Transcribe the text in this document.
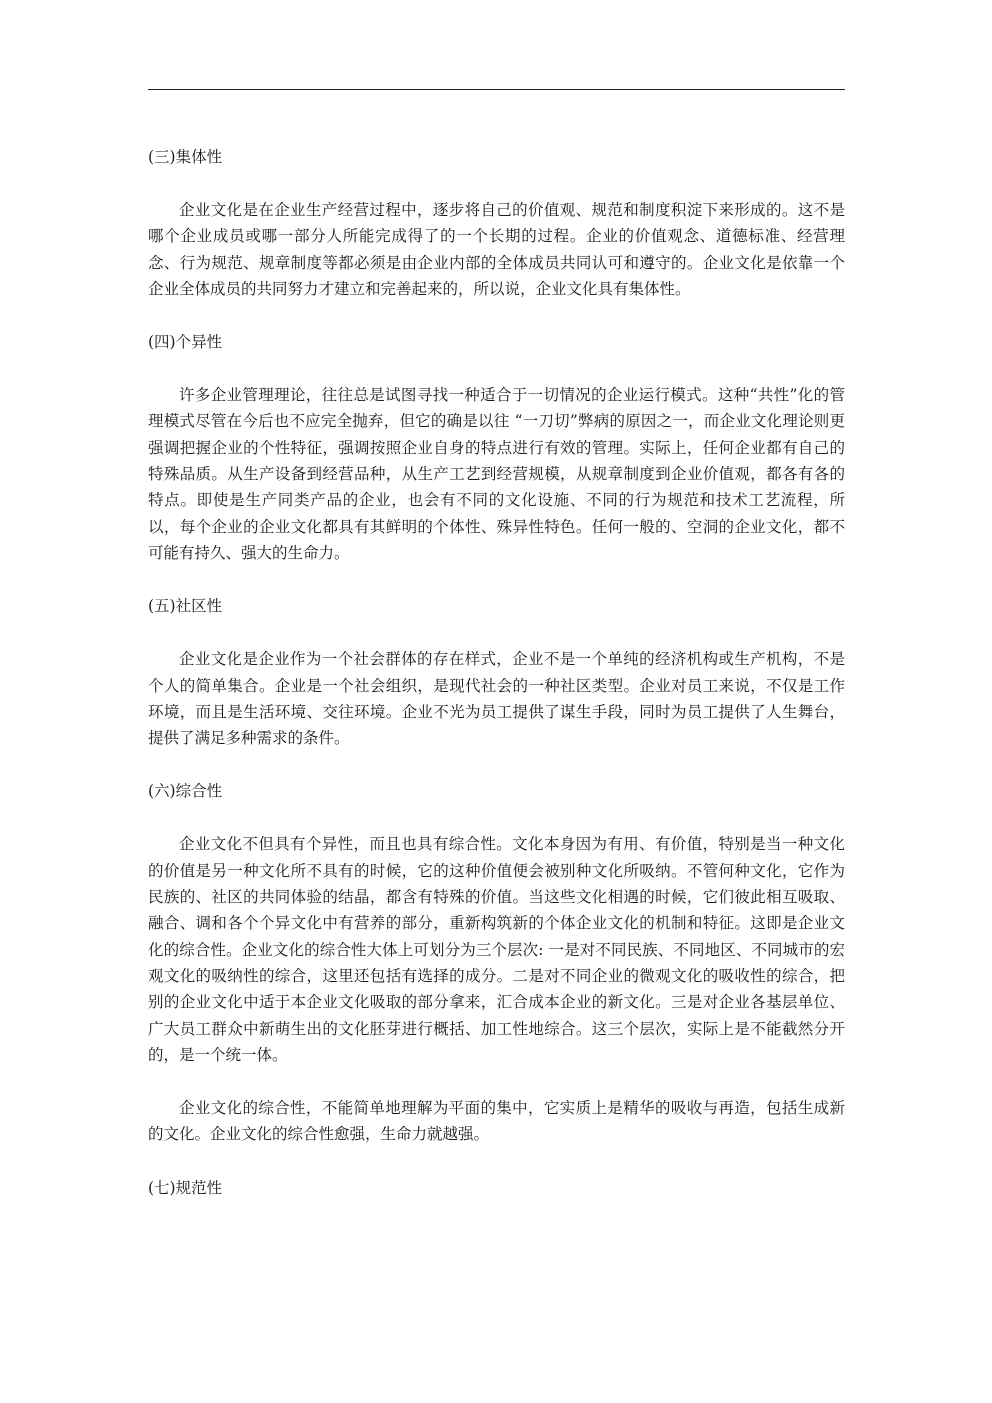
(三)集体性

企业文化是在企业生产经营过程中，逐步将自己的价值观、规范和制度积淀下来形成的。这不是哪个企业成员或哪一部分人所能完成得了的一个长期的过程。企业的价值观念、道德标准、经营理念、行为规范、规章制度等都必须是由企业内部的全体成员共同认可和遵守的。企业文化是依靠一个企业全体成员的共同努力才建立和完善起来的，所以说，企业文化具有集体性。

(四)个异性

许多企业管理理论，往往总是试图寻找一种适合于一切情况的企业运行模式。这种“共性”化的管理模式尽管在今后也不应完全抛弃，但它的确是以往 “一刀切”弊病的原因之一，而企业文化理论则更强调把握企业的个性特征，强调按照企业自身的特点进行有效的管理。实际上，任何企业都有自己的特殊品质。从生产设备到经营品种，从生产工艺到经营规模，从规章制度到企业价值观，都各有各的特点。即使是生产同类产品的企业，也会有不同的文化设施、不同的行为规范和技术工艺流程，所以，每个企业的企业文化都具有其鲜明的个体性、殊异性特色。任何一般的、空洞的企业文化，都不可能有持久、强大的生命力。

(五)社区性

企业文化是企业作为一个社会群体的存在样式，企业不是一个单纯的经济机构或生产机构，不是个人的简单集合。企业是一个社会组织，是现代社会的一种社区类型。企业对员工来说，不仅是工作环境，而且是生活环境、交往环境。企业不光为员工提供了谋生手段，同时为员工提供了人生舞台，提供了满足多种需求的条件。

(六)综合性

企业文化不但具有个异性，而且也具有综合性。文化本身因为有用、有价值，特别是当一种文化的价值是另一种文化所不具有的时候，它的这种价值便会被别种文化所吸纳。不管何种文化，它作为民族的、社区的共同体验的结晶，都含有特殊的价值。当这些文化相遇的时候，它们彼此相互吸取、融合、调和各个个异文化中有营养的部分，重新构筑新的个体企业文化的机制和特征。这即是企业文化的综合性。企业文化的综合性大体上可划分为三个层次: 一是对不同民族、不同地区、不同城市的宏观文化的吸纳性的综合，这里还包括有选择的成分。二是对不同企业的微观文化的吸收性的综合，把别的企业文化中适于本企业文化吸取的部分拿来，汇合成本企业的新文化。三是对企业各基层单位、广大员工群众中新萌生出的文化胚芽进行概括、加工性地综合。这三个层次，实际上是不能截然分开的，是一个统一体。

企业文化的综合性，不能简单地理解为平面的集中，它实质上是精华的吸收与再造，包括生成新的文化。企业文化的综合性愈强，生命力就越强。

(七)规范性
